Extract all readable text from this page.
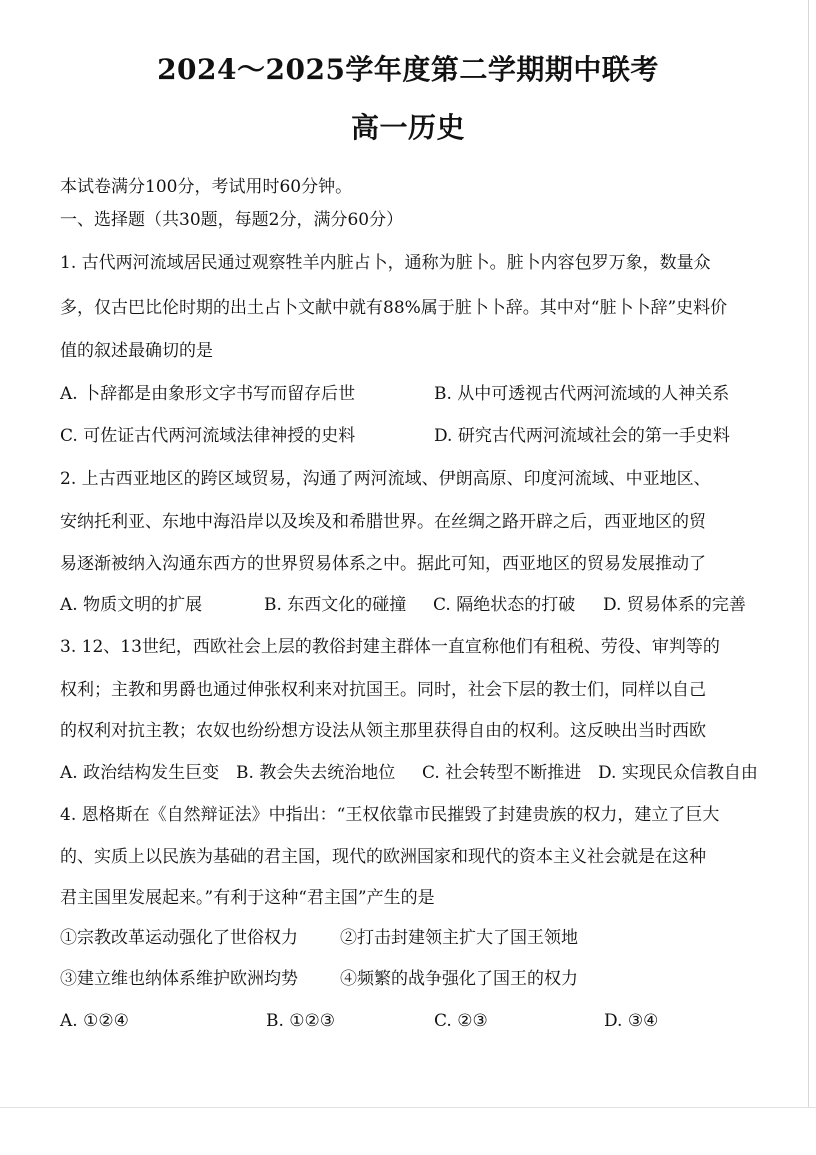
2024～2025学年度第二学期期中联考
高一历史
本试卷满分100分，考试用时60分钟。
一、选择题（共30题，每题2分，满分60分）
1. 古代两河流域居民通过观察牲羊内脏占卜，通称为脏卜。脏卜内容包罗万象，数量众
多，仅古巴比伦时期的出土占卜文献中就有88%属于脏卜卜辞。其中对“脏卜卜辞”史料价
值的叙述最确切的是
A. 卜辞都是由象形文字书写而留存后世	B. 从中可透视古代两河流域的人神关系
C. 可佐证古代两河流域法律神授的史料	D. 研究古代两河流域社会的第一手史料
2. 上古西亚地区的跨区域贸易，沟通了两河流域、伊朗高原、印度河流域、中亚地区、
安纳托利亚、东地中海沿岸以及埃及和希腊世界。在丝绸之路开辟之后，西亚地区的贸
易逐渐被纳入沟通东西方的世界贸易体系之中。据此可知，西亚地区的贸易发展推动了
A. 物质文明的扩展	B. 东西文化的碰撞 C. 隔绝状态的打破 D. 贸易体系的完善
3. 12、13世纪，西欧社会上层的教俗封建主群体一直宣称他们有租税、劳役、审判等的
权利；主教和男爵也通过伸张权利来对抗国王。同时，社会下层的教士们，同样以自己
的权利对抗主教；农奴也纷纷想方设法从领主那里获得自由的权利。这反映出当时西欧
A. 政治结构发生巨变 B. 教会失去统治地位 C. 社会转型不断推进 D. 实现民众信教自由
4. 恩格斯在《自然辩证法》中指出：“王权依靠市民摧毁了封建贵族的权力，建立了巨大
的、实质上以民族为基础的君主国，现代的欧洲国家和现代的资本主义社会就是在这种
君主国里发展起来。”有利于这种“君主国”产生的是
①宗教改革运动强化了世俗权力 ②打击封建领主扩大了国王领地
③建立维也纳体系维护欧洲均势 ④频繁的战争强化了国王的权力
A. ①②④	B. ①②③	C. ②③	D. ③④
